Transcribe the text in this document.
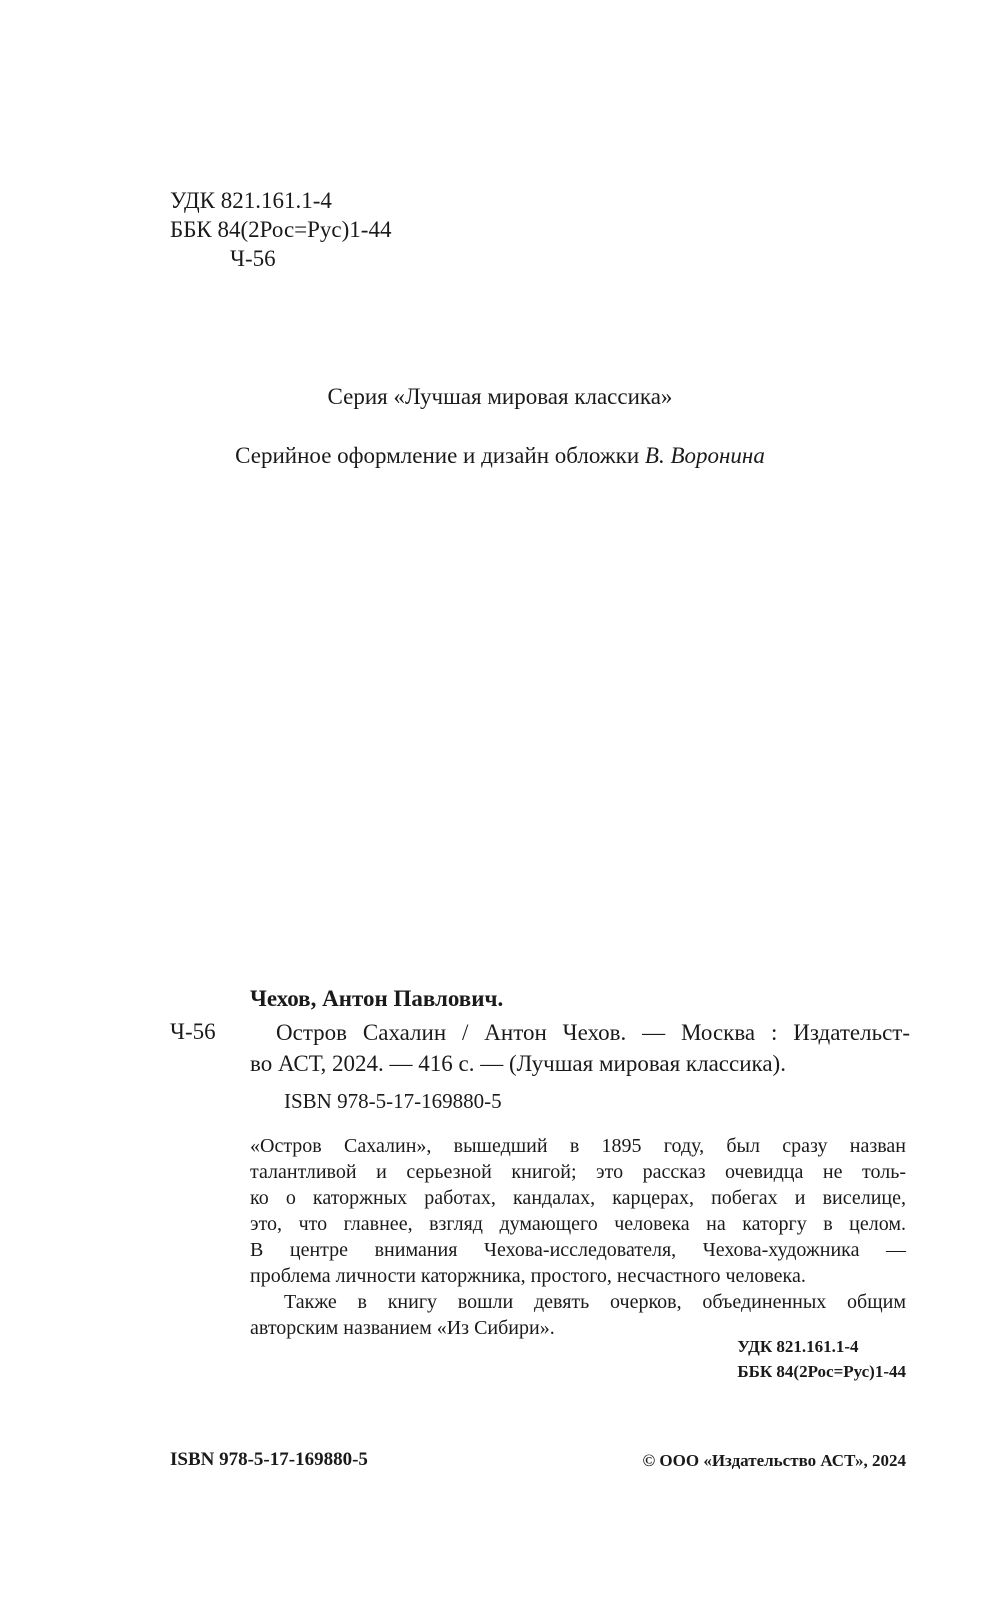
УДК 821.161.1-4
ББК 84(2Рос=Рус)1-44
Ч-56
Серия «Лучшая мировая классика»
Серийное оформление и дизайн обложки В. Воронина
Чехов, Антон Павлович.
Ч-56	Остров Сахалин / Антон Чехов. — Москва : Издательст-
во АСТ, 2024. — 416 с. — (Лучшая мировая классика).
ISBN 978-5-17-169880-5
«Остров Сахалин», вышедший в 1895 году, был сразу назван
талантливой и серьезной книгой; это рассказ очевидца не толь-
ко о каторжных работах, кандалах, карцерах, побегах и виселице,
это, что главнее, взгляд думающего человека на каторгу в целом.
В центре внимания Чехова-исследователя, Чехова-художника —
проблема личности каторжника, простого, несчастного человека.
Также в книгу вошли девять очерков, объединенных общим
авторским названием «Из Сибири».
УДК 821.161.1-4
ББК 84(2Рос=Рус)1-44
ISBN 978-5-17-169880-5	© ООО «Издательство АСТ», 2024
